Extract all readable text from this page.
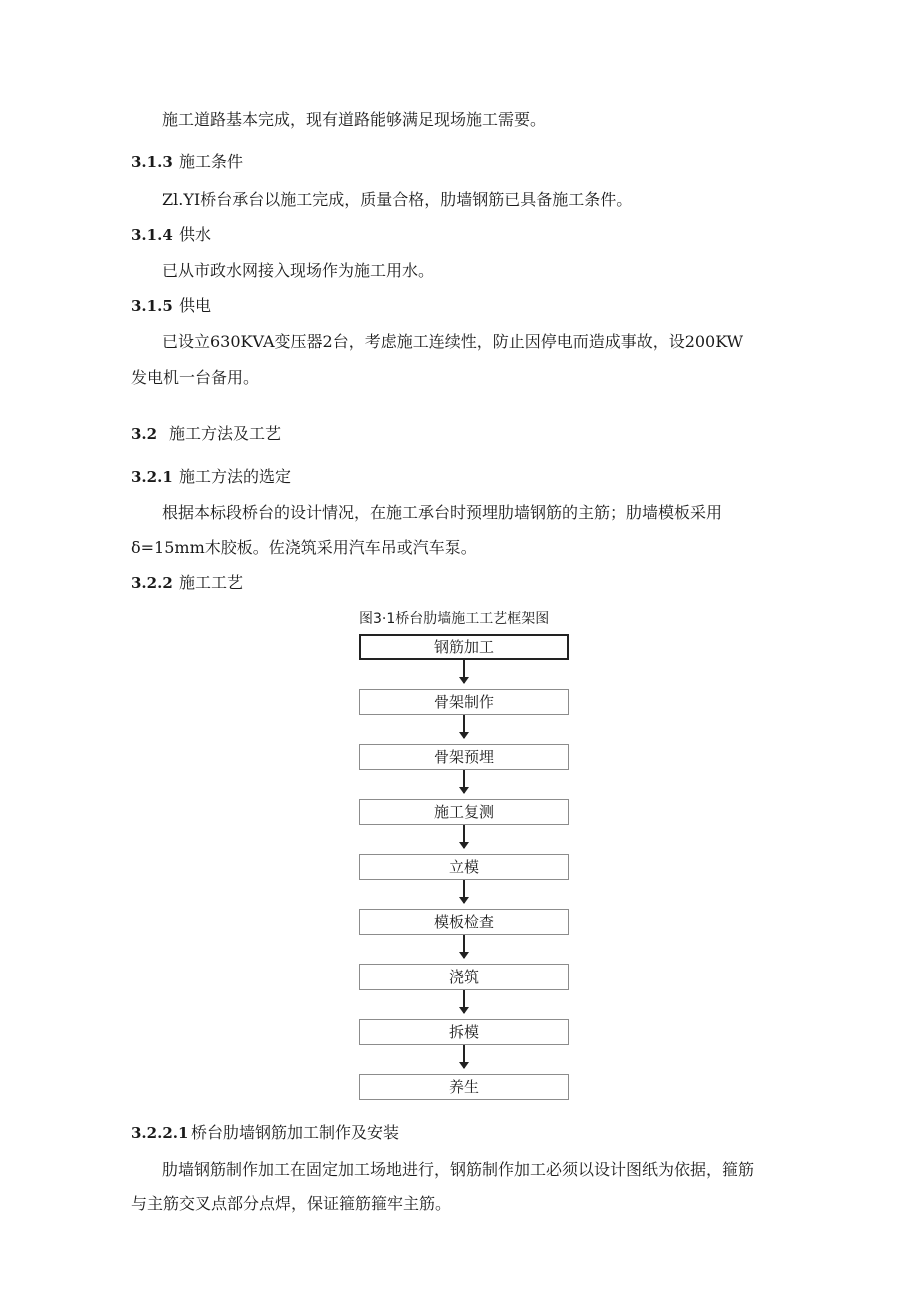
施工道路基本完成，现有道路能够满足现场施工需要。
3.1.3 施工条件
Zl.YI桥台承台以施工完成，质量合格，肋墙钢筋已具备施工条件。
3.1.4 供水
已从市政水网接入现场作为施工用水。
3.1.5 供电
已设立630KVA变压器2台，考虑施工连续性，防止因停电而造成事故，设200KW
发电机一台备用。
3.2 施工方法及工艺
3.2.1 施工方法的选定
根据本标段桥台的设计情况，在施工承台时预埋肋墙钢筋的主筋；肋墙模板采用
δ=15mm木胶板。佐浇筑采用汽车吊或汽车泵。
3.2.2 施工工艺
图3·1桥台肋墙施工工艺框架图
钢筋加工
骨架制作
骨架预埋
施工复测
立模
模板检查
浇筑
拆模
养生
3.2.2.1 桥台肋墙钢筋加工制作及安装
肋墙钢筋制作加工在固定加工场地进行，钢筋制作加工必须以设计图纸为依据，箍筋
与主筋交叉点部分点焊，保证箍筋箍牢主筋。
